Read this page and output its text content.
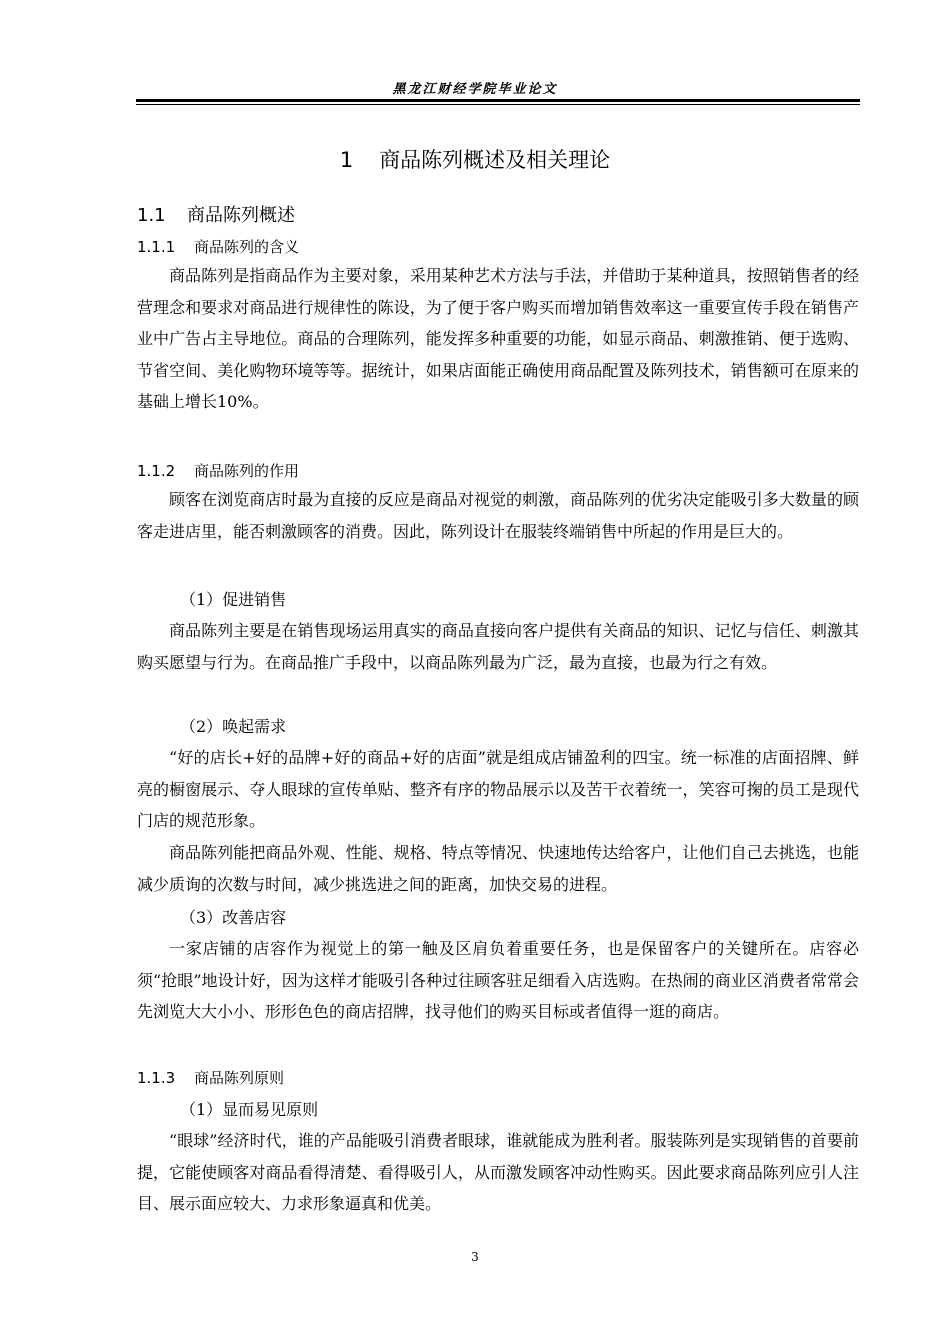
黑龙江财经学院毕业论文
1 商品陈列概述及相关理论
1.1 商品陈列概述
1.1.1 商品陈列的含义

商品陈列是指商品作为主要对象，采用某种艺术方法与手法，并借助于某种道具，按照销售者的经营理念和要求对商品进行规律性的陈设，为了便于客户购买而增加销售效率这一重要宣传手段在销售产业中广告占主导地位。商品的合理陈列，能发挥多种重要的功能，如显示商品、刺激推销、便于选购、节省空间、美化购物环境等等。据统计，如果店面能正确使用商品配置及陈列技术，销售额可在原来的基础上增长10%。

1.1.2 商品陈列的作用

顾客在浏览商店时最为直接的反应是商品对视觉的刺激，商品陈列的优劣决定能吸引多大数量的顾客走进店里，能否刺激顾客的消费。因此，陈列设计在服装终端销售中所起的作用是巨大的。

（1）促进销售

商品陈列主要是在销售现场运用真实的商品直接向客户提供有关商品的知识、记忆与信任、刺激其购买愿望与行为。在商品推广手段中，以商品陈列最为广泛，最为直接，也最为行之有效。

（2）唤起需求

“好的店长+好的品牌+好的商品+好的店面”就是组成店铺盈利的四宝。统一标准的店面招牌、鲜亮的橱窗展示、夺人眼球的宣传单贴、整齐有序的物品展示以及苦干衣着统一，笑容可掬的员工是现代门店的规范形象。

商品陈列能把商品外观、性能、规格、特点等情况、快速地传达给客户，让他们自己去挑选，也能减少质询的次数与时间，减少挑选进之间的距离，加快交易的进程。

（3）改善店容

一家店铺的店容作为视觉上的第一触及区肩负着重要任务，也是保留客户的关键所在。店容必须“抢眼”地设计好，因为这样才能吸引各种过往顾客驻足细看入店选购。在热闹的商业区消费者常常会先浏览大大小小、形形色色的商店招牌，找寻他们的购买目标或者值得一逛的商店。

1.1.3 商品陈列原则
（1）显而易见原则

“眼球”经济时代，谁的产品能吸引消费者眼球，谁就能成为胜利者。服装陈列是实现销售的首要前提，它能使顾客对商品看得清楚、看得吸引人，从而激发顾客冲动性购买。因此要求商品陈列应引人注目、展示面应较大、力求形象逼真和优美。

3
